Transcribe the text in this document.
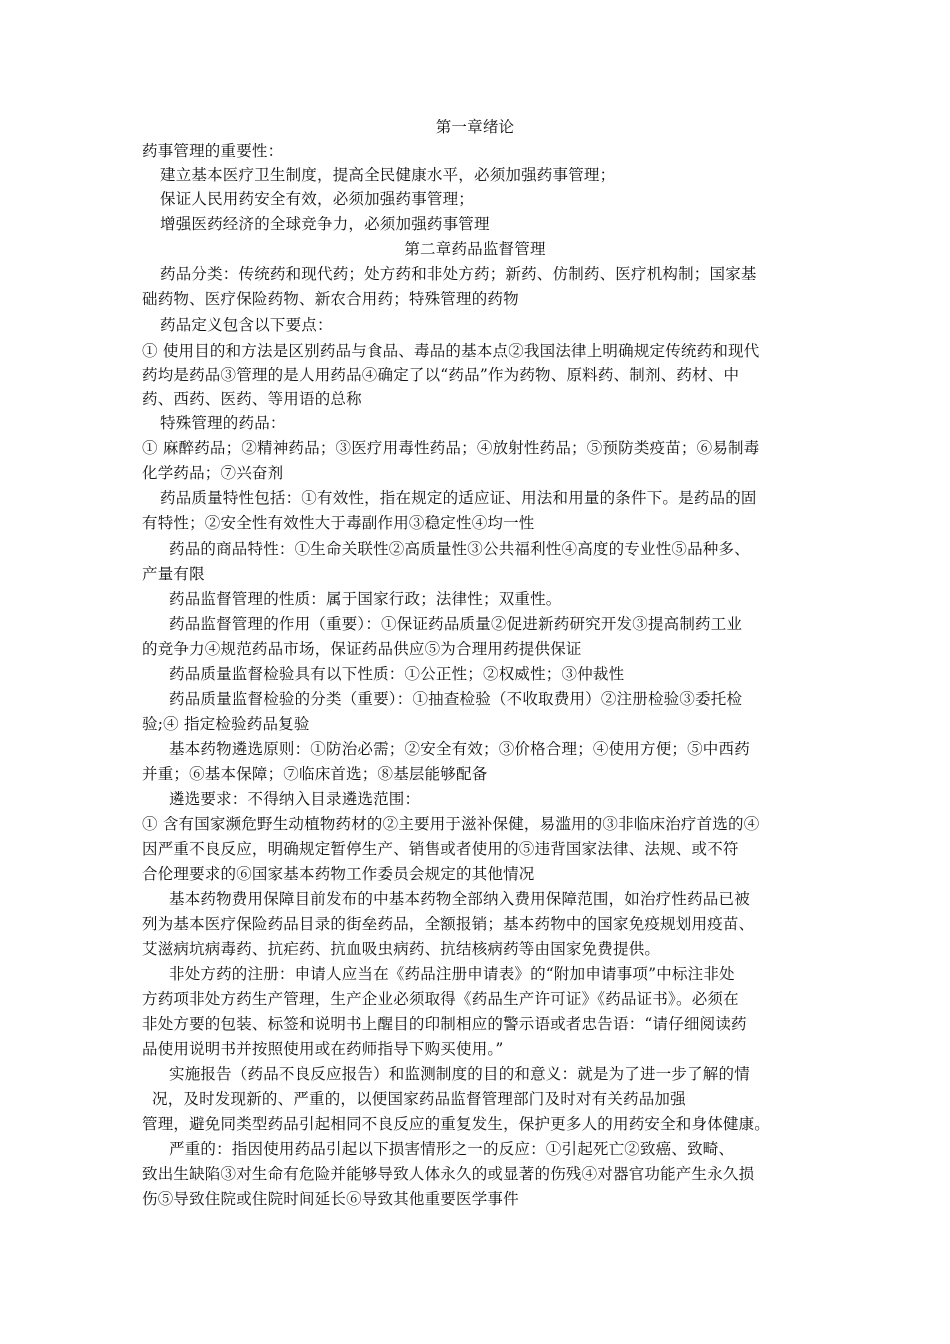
第一章绪论
药事管理的重要性：
建立基本医疗卫生制度，提高全民健康水平，必须加强药事管理；
保证人民用药安全有效，必须加强药事管理；
增强医药经济的全球竞争力，必须加强药事管理
第二章药品监督管理
药品分类：传统药和现代药；处方药和非处方药；新药、仿制药、医疗机构制；国家基
础药物、医疗保险药物、新农合用药；特殊管理的药物
药品定义包含以下要点：
① 使用目的和方法是区别药品与食品、毒品的基本点②我国法律上明确规定传统药和现代
药均是药品③管理的是人用药品④确定了以“药品”作为药物、原料药、制剂、药材、中
药、西药、医药、等用语的总称
特殊管理的药品：
① 麻醉药品；②精神药品；③医疗用毒性药品；④放射性药品；⑤预防类疫苗；⑥易制毒
化学药品；⑦兴奋剂
药品质量特性包括：①有效性，指在规定的适应证、用法和用量的条件下。是药品的固
有特性；②安全性有效性大于毒副作用③稳定性④均一性
药品的商品特性：①生命关联性②高质量性③公共福利性④高度的专业性⑤品种多、
产量有限
药品监督管理的性质：属于国家行政；法律性；双重性。
药品监督管理的作用（重要）：①保证药品质量②促进新药研究开发③提高制药工业
的竞争力④规范药品市场，保证药品供应⑤为合理用药提供保证
药品质量监督检验具有以下性质：①公正性；②权威性；③仲裁性
药品质量监督检验的分类（重要）：①抽查检验（不收取费用）②注册检验③委托检
验;④ 指定检验药品复验
基本药物遴选原则：①防治必需；②安全有效；③价格合理；④使用方便；⑤中西药
并重；⑥基本保障；⑦临床首选；⑧基层能够配备
遴选要求：不得纳入目录遴选范围：
① 含有国家濒危野生动植物药材的②主要用于滋补保健，易滥用的③非临床治疗首选的④
因严重不良反应，明确规定暂停生产、销售或者使用的⑤违背国家法律、法规、或不符
合伦理要求的⑥国家基本药物工作委员会规定的其他情况
基本药物费用保障目前发布的中基本药物全部纳入费用保障范围，如治疗性药品已被
列为基本医疗保险药品目录的街垒药品，全额报销；基本药物中的国家免疫规划用疫苗、
艾滋病坑病毒药、抗疟药、抗血吸虫病药、抗结核病药等由国家免费提供。
非处方药的注册：申请人应当在《药品注册申请表》的“附加申请事项”中标注非处
方药项非处方药生产管理，生产企业必须取得《药品生产许可证》《药品证书》。必须在
非处方要的包装、标签和说明书上醒目的印制相应的警示语或者忠告语：“请仔细阅读药
品使用说明书并按照使用或在药师指导下购买使用。”
实施报告（药品不良反应报告）和监测制度的目的和意义：就是为了进一步了解的情
况，及时发现新的、严重的，以便国家药品监督管理部门及时对有关药品加强
管理，避免同类型药品引起相同不良反应的重复发生，保护更多人的用药安全和身体健康。
严重的：指因使用药品引起以下损害情形之一的反应：①引起死亡②致癌、致畸、
致出生缺陷③对生命有危险并能够导致人体永久的或显著的伤残④对器官功能产生永久损
伤⑤导致住院或住院时间延长⑥导致其他重要医学事件
